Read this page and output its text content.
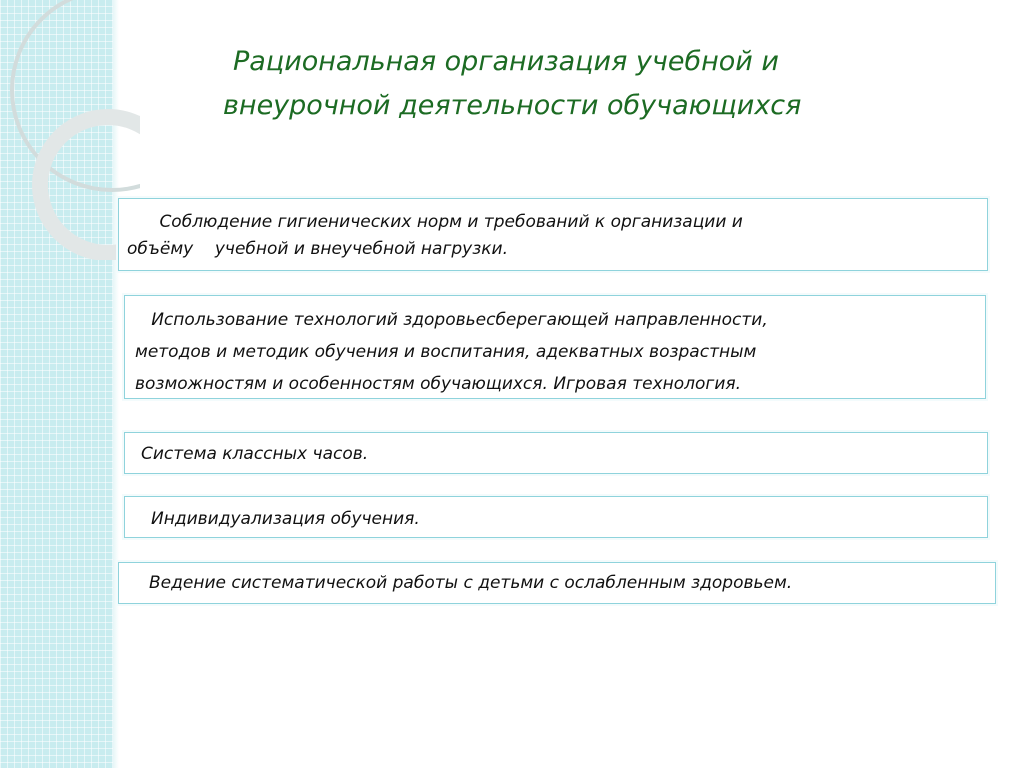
Рациональная организация учебной и
внеурочной деятельности обучающихся

Соблюдение гигиенических норм и требований к организации и
объёму    учебной и внеучебной нагрузки.

Использование технологий здоровьесберегающей направленности,
методов и методик обучения и воспитания, адекватных возрастным
возможностям и особенностям обучающихся. Игровая технология.

Система классных часов.

Индивидуализация обучения.

Ведение систематической работы с детьми с ослабленным здоровьем.
